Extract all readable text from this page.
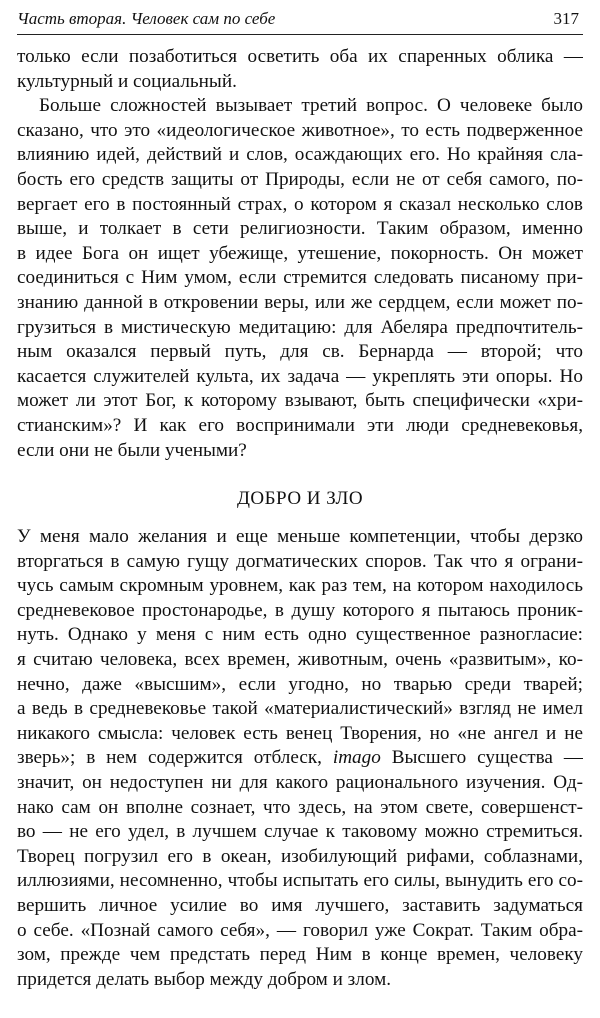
Часть вторая. Человек сам по себе	317
только если позаботиться осветить оба их спаренных облика —
культурный и социальный.
Больше сложностей вызывает третий вопрос. О человеке было
сказано, что это «идеологическое животное», то есть подверженное
влиянию идей, действий и слов, осаждающих его. Но крайняя сла-
бость его средств защиты от Природы, если не от себя самого, по-
вергает его в постоянный страх, о котором я сказал несколько слов
выше, и толкает в сети религиозности. Таким образом, именно
в идее Бога он ищет убежище, утешение, покорность. Он может
соединиться с Ним умом, если стремится следовать писаному при-
знанию данной в откровении веры, или же сердцем, если может по-
грузиться в мистическую медитацию: для Абеляра предпочтитель-
ным оказался первый путь, для св. Бернарда — второй; что
касается служителей культа, их задача — укреплять эти опоры. Но
может ли этот Бог, к которому взывают, быть специфически «хри-
стианским»? И как его воспринимали эти люди средневековья,
если они не были учеными?
ДОБРО И ЗЛО
У меня мало желания и еще меньше компетенции, чтобы дерзко
вторгаться в самую гущу догматических споров. Так что я ограни-
чусь самым скромным уровнем, как раз тем, на котором находилось
средневековое простонародье, в душу которого я пытаюсь проник-
нуть. Однако у меня с ним есть одно существенное разногласие:
я считаю человека, всех времен, животным, очень «развитым», ко-
нечно, даже «высшим», если угодно, но тварью среди тварей;
а ведь в средневековье такой «материалистический» взгляд не имел
никакого смысла: человек есть венец Творения, но «не ангел и не
зверь»; в нем содержится отблеск, imago Высшего существа —
значит, он недоступен ни для какого рационального изучения. Од-
нако сам он вполне сознает, что здесь, на этом свете, совершенст-
во — не его удел, в лучшем случае к таковому можно стремиться.
Творец погрузил его в океан, изобилующий рифами, соблазнами,
иллюзиями, несомненно, чтобы испытать его силы, вынудить его со-
вершить личное усилие во имя лучшего, заставить задуматься
о себе. «Познай самого себя», — говорил уже Сократ. Таким обра-
зом, прежде чем предстать перед Ним в конце времен, человеку
придется делать выбор между добром и злом.
